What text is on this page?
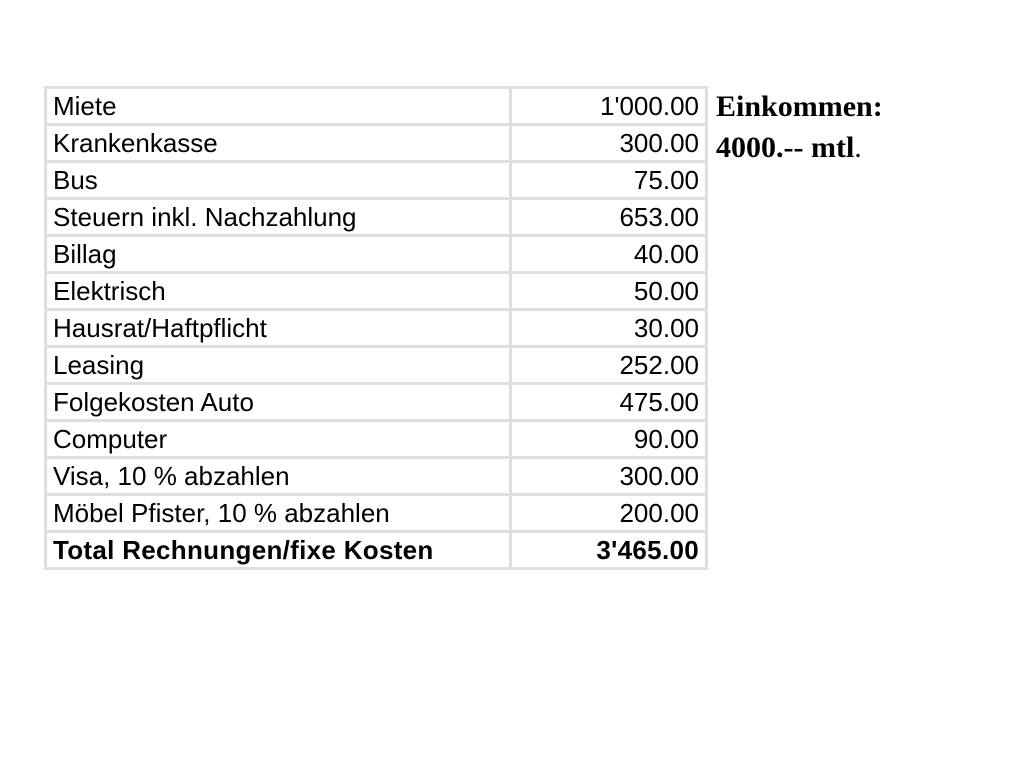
Miete	1'000.00
Krankenkasse	300.00
Bus	75.00
Steuern inkl. Nachzahlung	653.00
Billag	40.00
Elektrisch	50.00
Hausrat/Haftpflicht	30.00
Leasing	252.00
Folgekosten Auto	475.00
Computer	90.00
Visa, 10 % abzahlen	300.00
Möbel Pfister, 10 % abzahlen	200.00
Total Rechnungen/fixe Kosten	3'465.00
Einkommen:
4000.-- mtl.
